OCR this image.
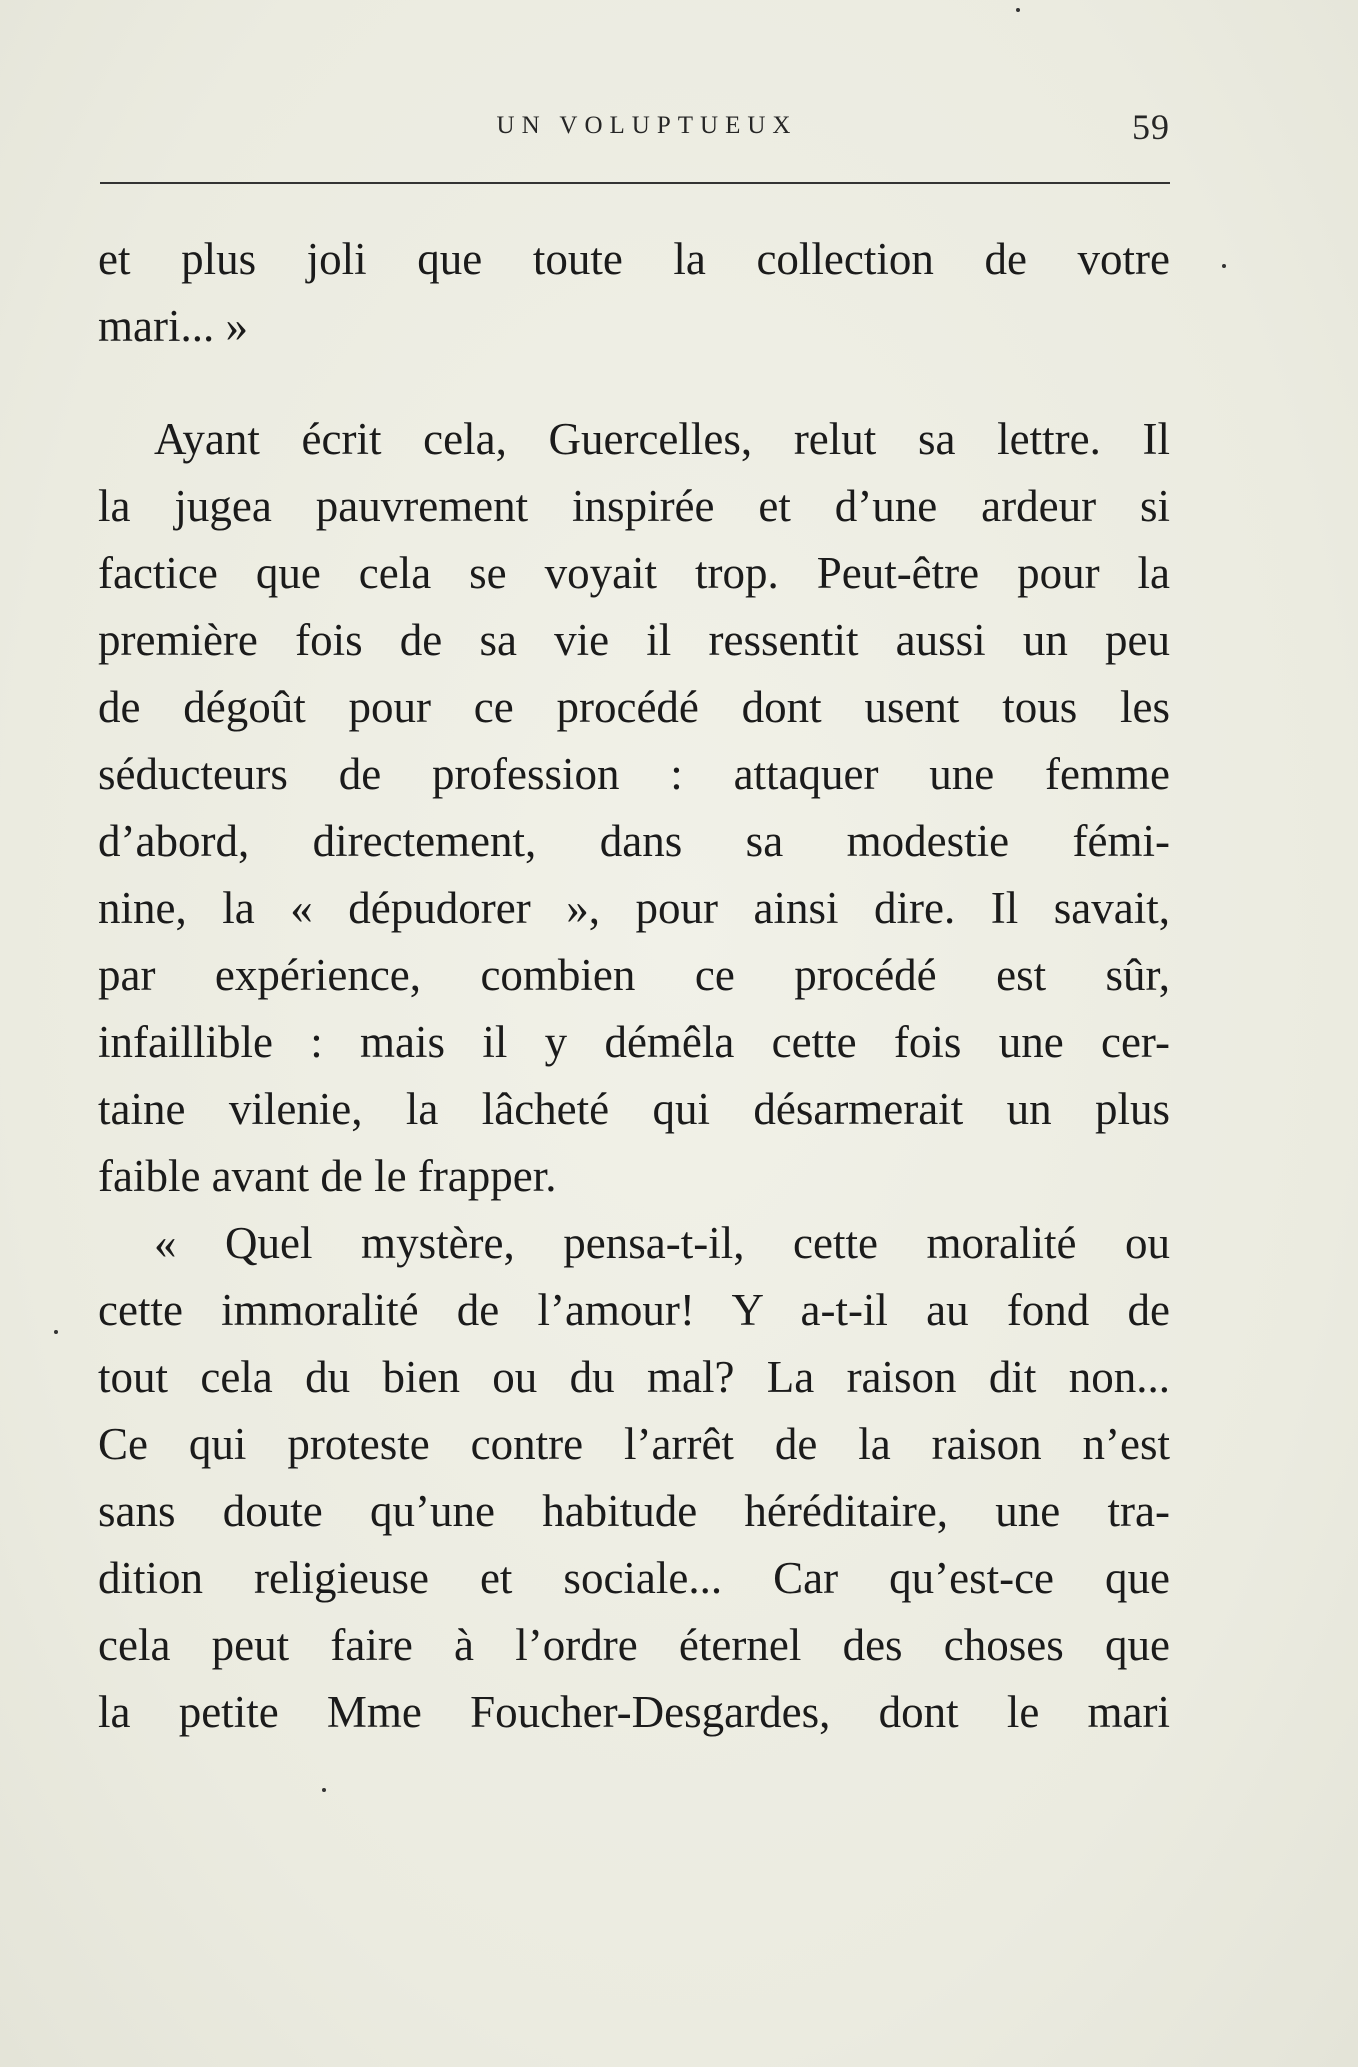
UN VOLUPTUEUX	59
et plus joli que toute la collection de votre
mari... »
Ayant écrit cela, Guercelles, relut sa lettre. Il
la jugea pauvrement inspirée et d’une ardeur si
factice que cela se voyait trop. Peut-être pour la
première fois de sa vie il ressentit aussi un peu
de dégoût pour ce procédé dont usent tous les
séducteurs de profession : attaquer une femme
d’abord, directement, dans sa modestie fémi-
nine, la « dépudorer », pour ainsi dire. Il savait,
par expérience, combien ce procédé est sûr,
infaillible : mais il y démêla cette fois une cer-
taine vilenie, la lâcheté qui désarmerait un plus
faible avant de le frapper.
« Quel mystère, pensa-t-il, cette moralité ou
cette immoralité de l’amour! Y a-t-il au fond de
tout cela du bien ou du mal? La raison dit non...
Ce qui proteste contre l’arrêt de la raison n’est
sans doute qu’une habitude héréditaire, une tra-
dition religieuse et sociale... Car qu’est-ce que
cela peut faire à l’ordre éternel des choses que
la petite Mme Foucher-Desgardes, dont le mari
